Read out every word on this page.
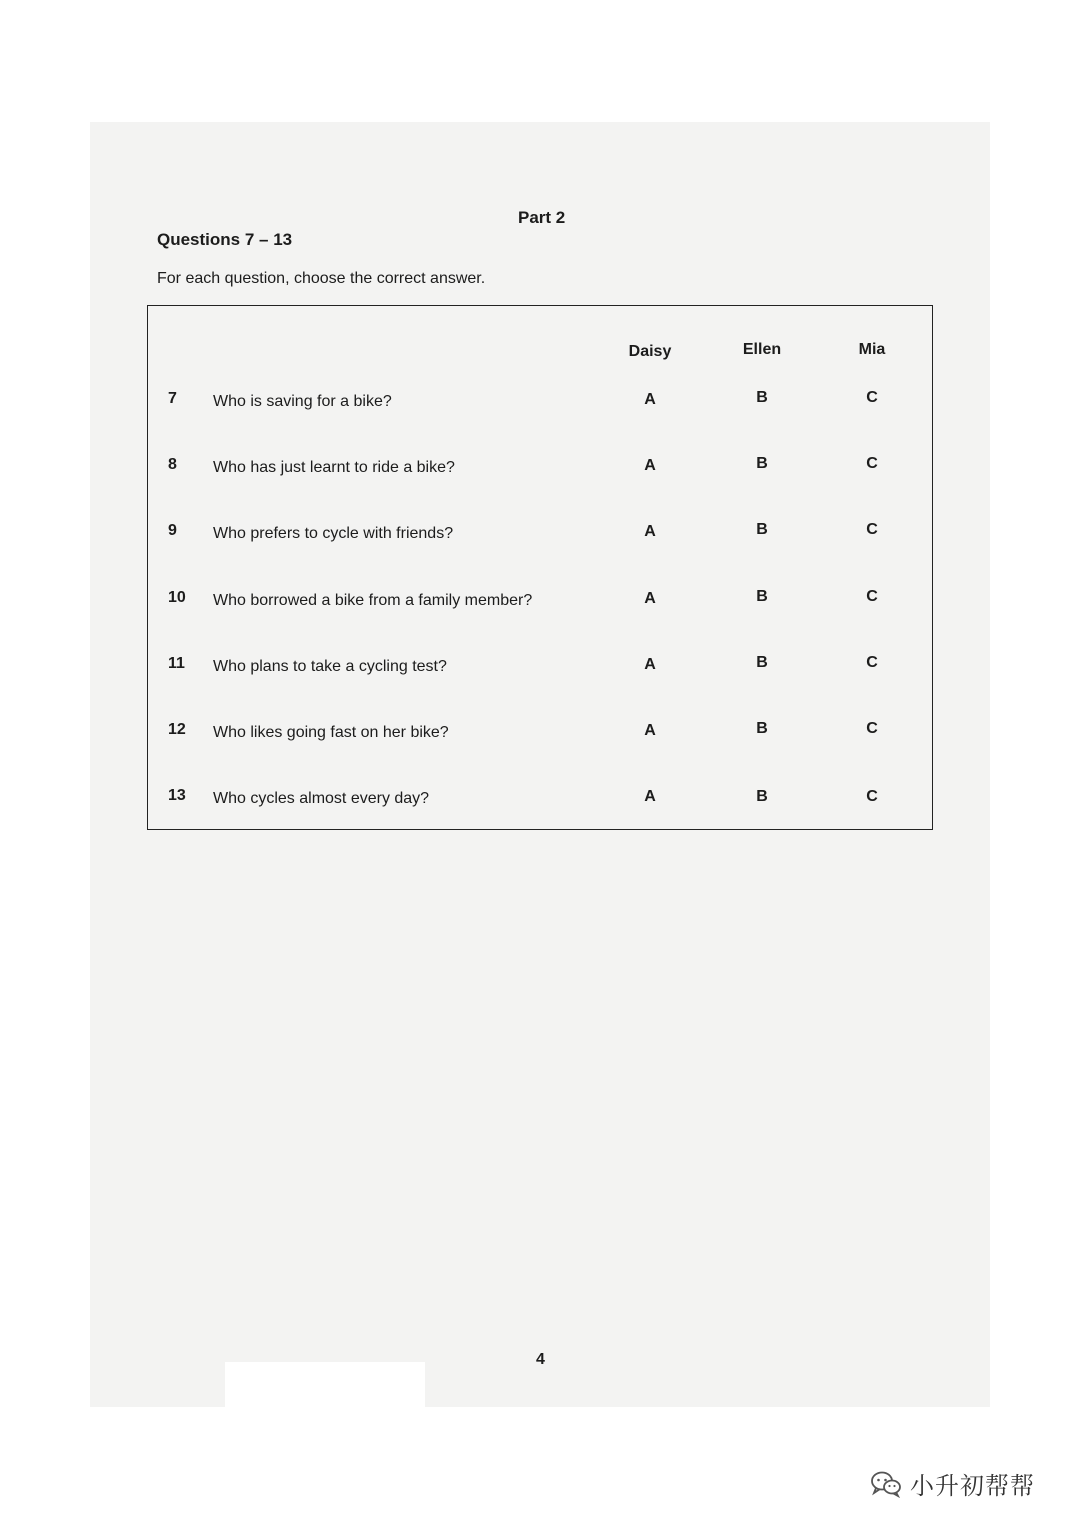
Part 2
Questions 7 – 13
For each question, choose the correct answer.
Daisy	Ellen	Mia
7 Who is saving for a bike?	A	B	C
8 Who has just learnt to ride a bike?	A	B	C
9 Who prefers to cycle with friends?	A	B	C
10 Who borrowed a bike from a family member?	A	B	C
11 Who plans to take a cycling test?	A	B	C
12 Who likes going fast on her bike?	A	B	C
13 Who cycles almost every day?	A	B	C
4
小升初帮帮
